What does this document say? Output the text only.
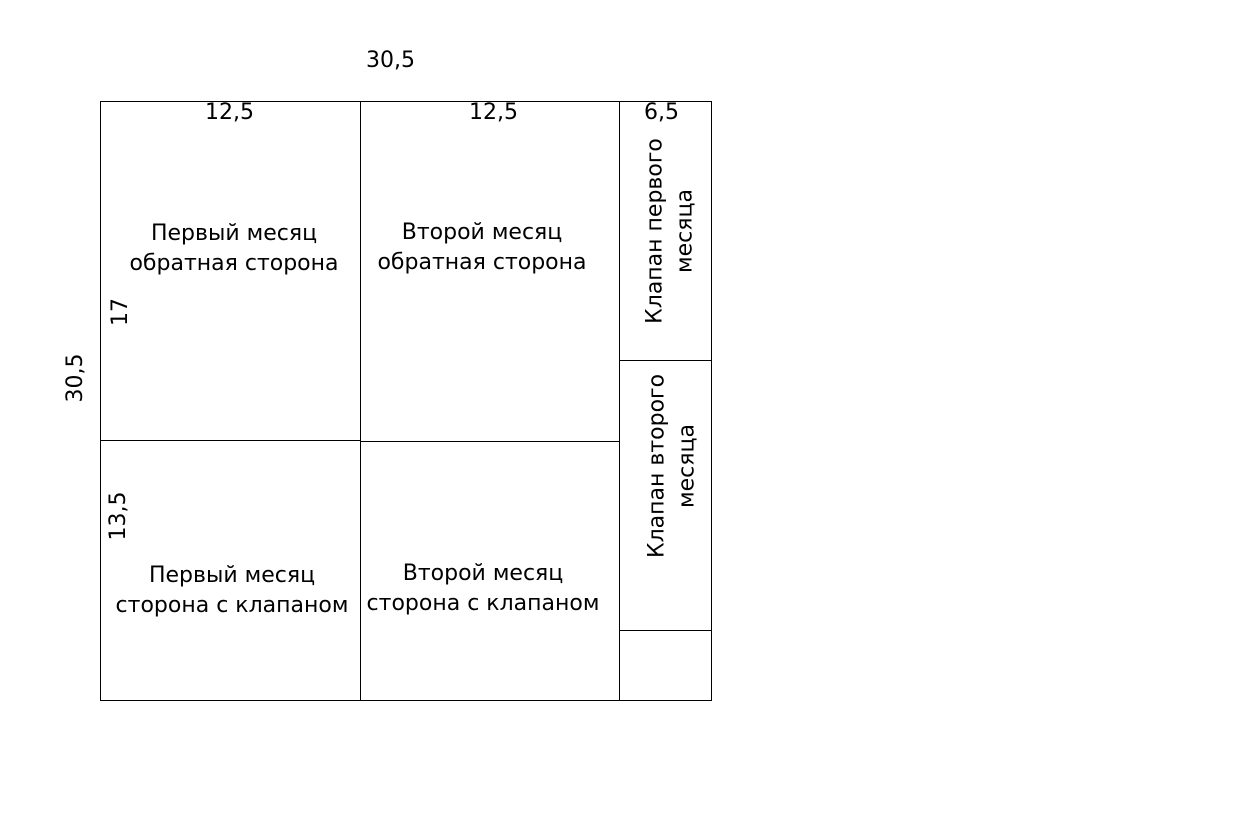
30,5
30,5
12,5	12,5	6,5
17
13,5
Первый месяц
обратная сторона
Второй месяц
обратная сторона
Первый месяц
сторона с клапаном
Второй месяц
сторона с клапаном
Клапан первого
месяца
Клапан второго
месяца
